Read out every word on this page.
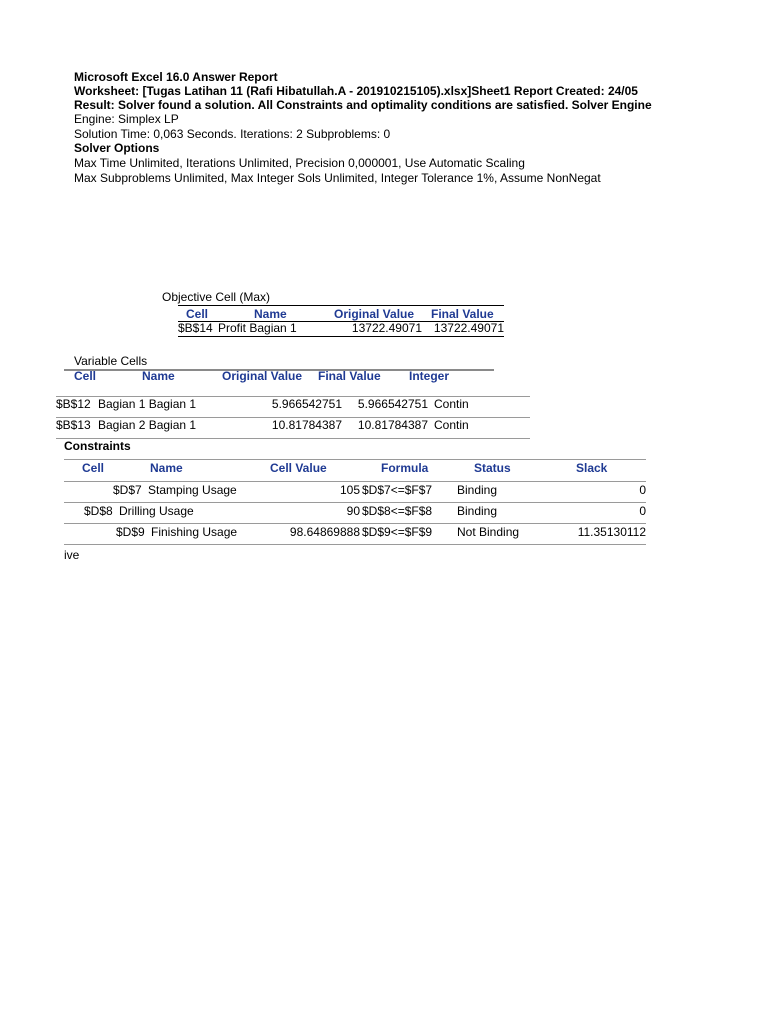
Microsoft Excel 16.0 Answer Report
Worksheet: [Tugas Latihan 11 (Rafi Hibatullah.A - 201910215105).xlsx]Sheet1 Report Created: 24/05
Result: Solver found a solution. All Constraints and optimality conditions are satisfied. Solver Engine
Engine: Simplex LP
Solution Time: 0,063 Seconds. Iterations: 2 Subproblems: 0
Solver Options
Max Time Unlimited, Iterations Unlimited, Precision 0,000001, Use Automatic Scaling
Max Subproblems Unlimited, Max Integer Sols Unlimited, Integer Tolerance 1%, Assume NonNegat
Objective Cell (Max)
Cell	Name	Original Value Final Value
$B$14 Profit Bagian 1	13722.49071 13722.49071
Variable Cells
Cell	Name	Original Value Final Value Integer
$B$12 Bagian 1 Bagian 1	5.966542751	5.966542751 Contin
$B$13 Bagian 2 Bagian 1	10.81784387	10.81784387 Contin
Constraints
Cell	Name	Cell Value	Formula	Status	Slack
$D$7 Stamping Usage	105 $D$7<=$F$7 Binding	0
$D$8 Drilling Usage	90 $D$8<=$F$8 Binding	0
$D$9 Finishing Usage	98.64869888 $D$9<=$F$9 Not Binding	11.35130112
ive
